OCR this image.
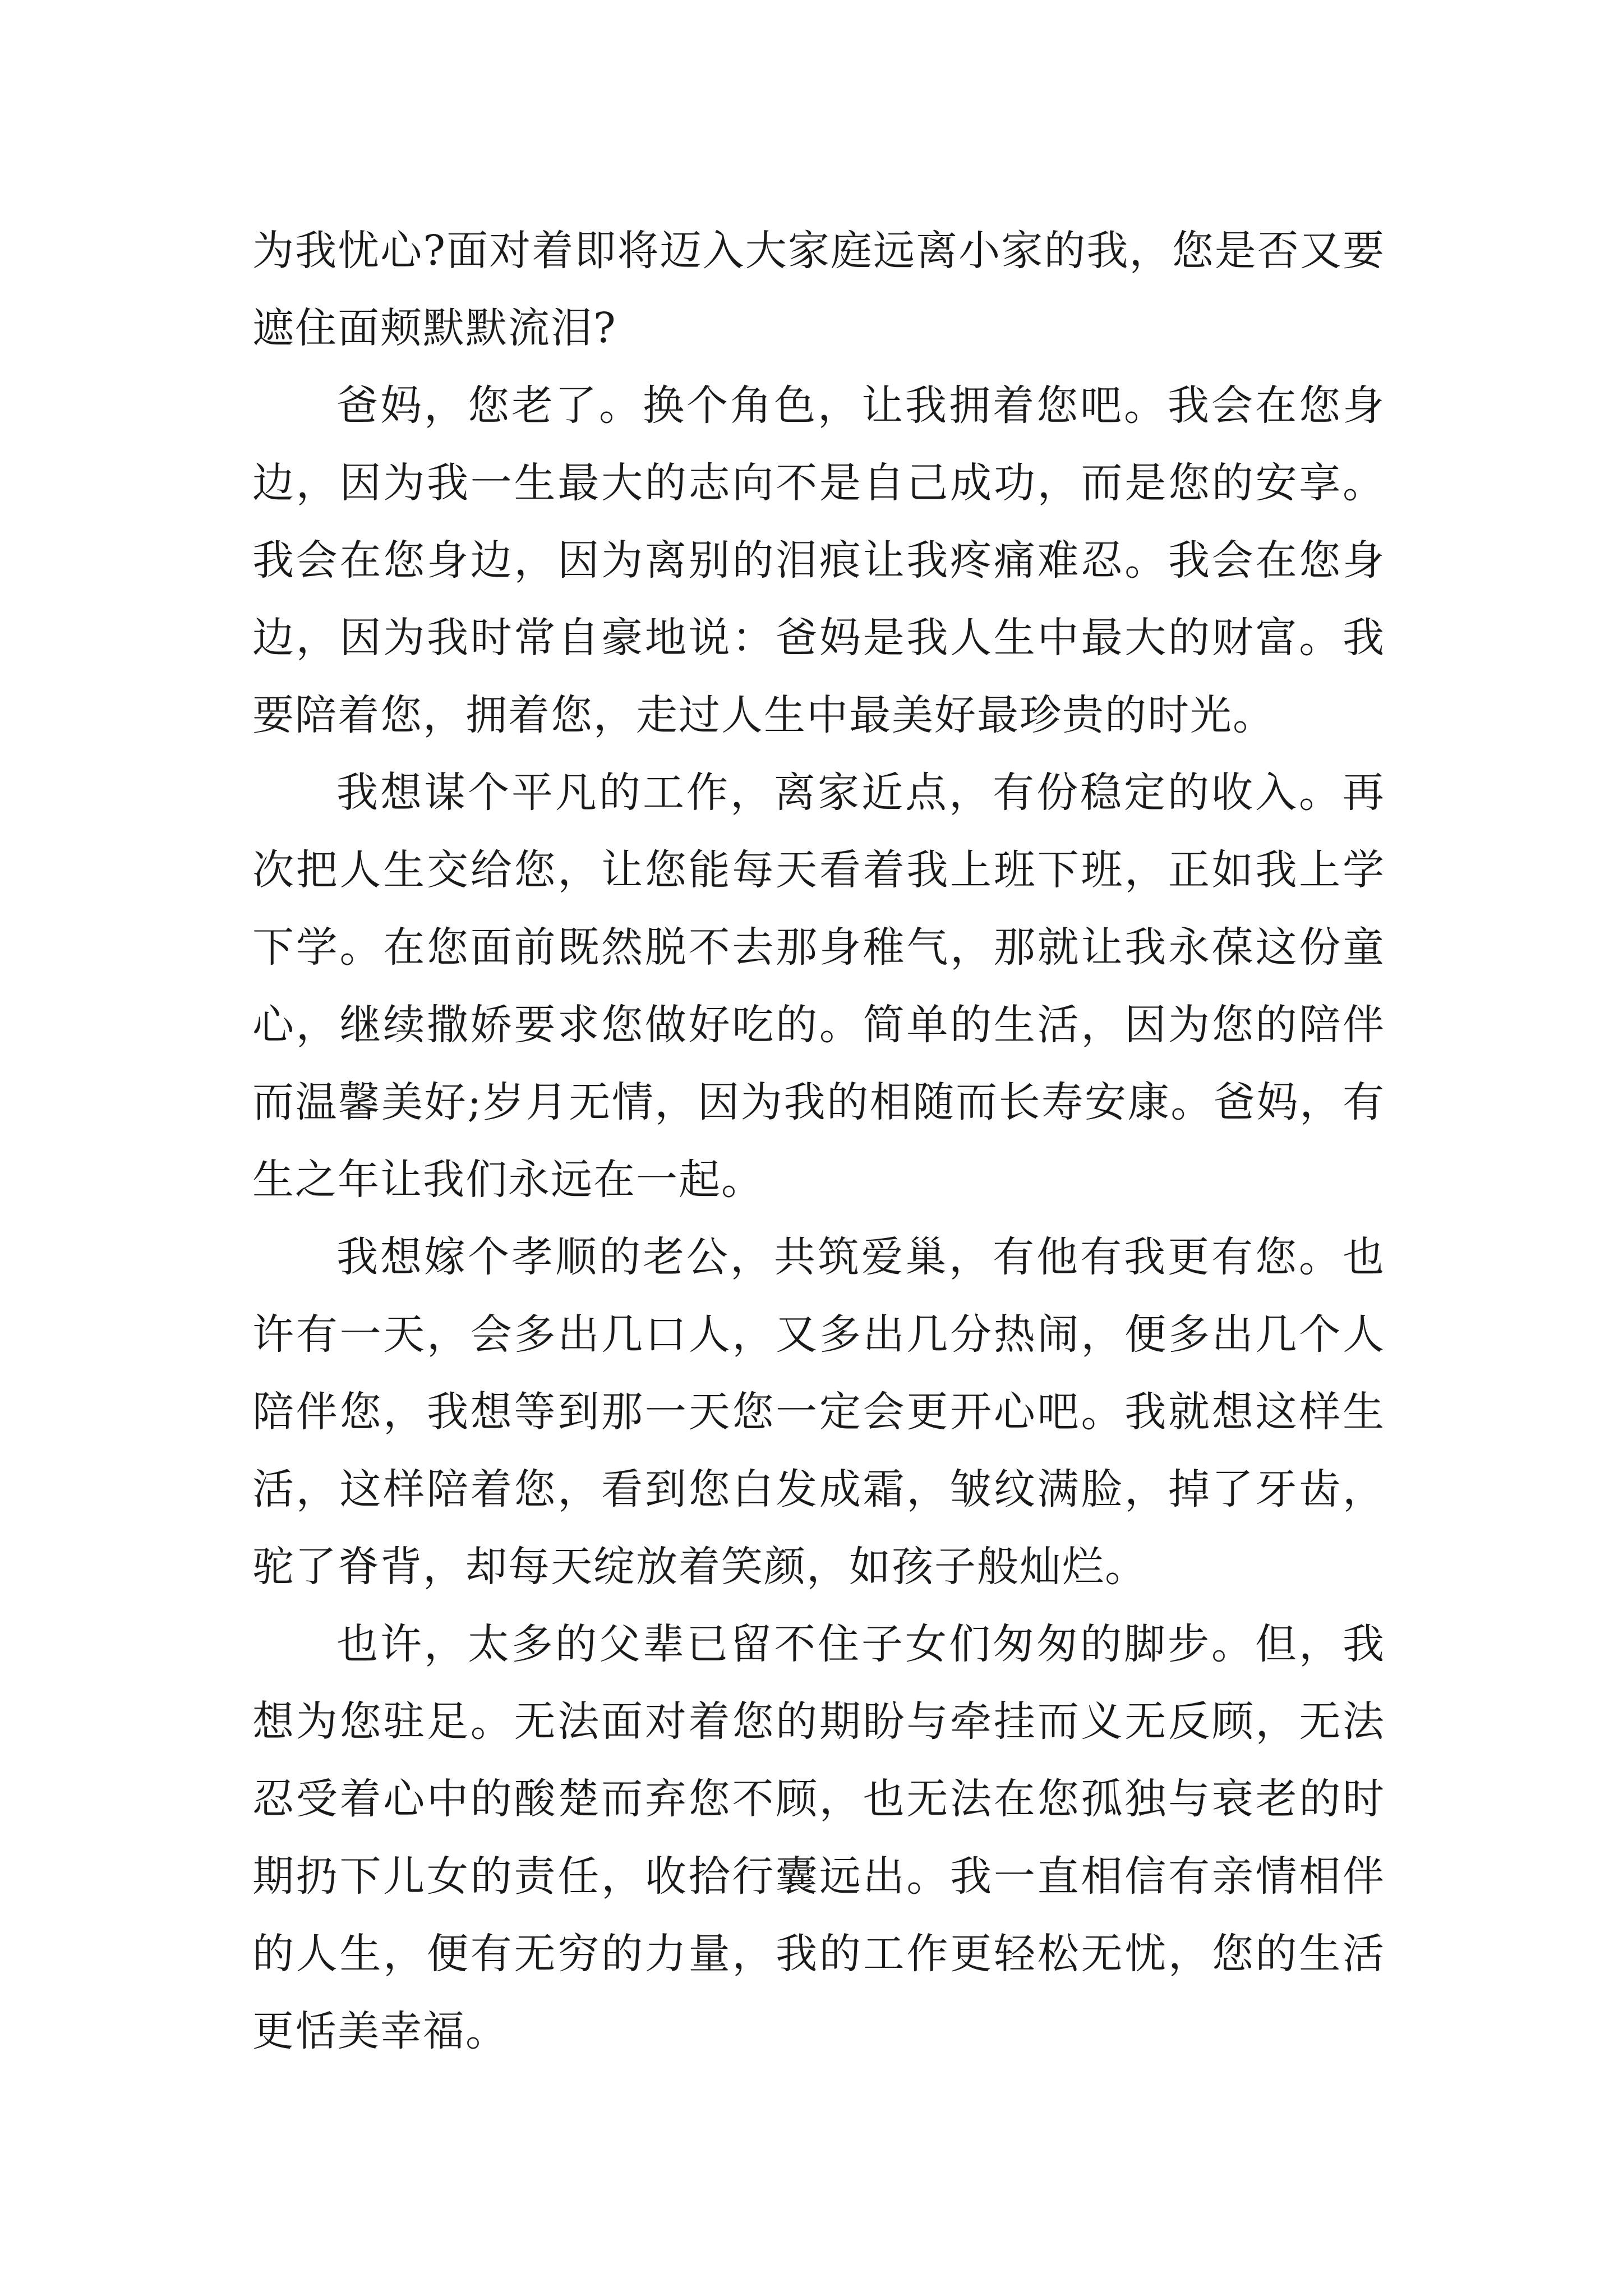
为我忧心?面对着即将迈入大家庭远离小家的我，您是否又要遮住面颊默默流泪?

爸妈，您老了。换个角色，让我拥着您吧。我会在您身边，因为我一生最大的志向不是自己成功，而是您的安享。我会在您身边，因为离别的泪痕让我疼痛难忍。我会在您身边，因为我时常自豪地说：爸妈是我人生中最大的财富。我要陪着您，拥着您，走过人生中最美好最珍贵的时光。

我想谋个平凡的工作，离家近点，有份稳定的收入。再次把人生交给您，让您能每天看着我上班下班，正如我上学下学。在您面前既然脱不去那身稚气，那就让我永葆这份童心，继续撒娇要求您做好吃的。简单的生活，因为您的陪伴而温馨美好;岁月无情，因为我的相随而长寿安康。爸妈，有生之年让我们永远在一起。

我想嫁个孝顺的老公，共筑爱巢，有他有我更有您。也许有一天，会多出几口人，又多出几分热闹，便多出几个人陪伴您，我想等到那一天您一定会更开心吧。我就想这样生活，这样陪着您，看到您白发成霜，皱纹满脸，掉了牙齿，驼了脊背，却每天绽放着笑颜，如孩子般灿烂。

也许，太多的父辈已留不住子女们匆匆的脚步。但，我想为您驻足。无法面对着您的期盼与牵挂而义无反顾，无法忍受着心中的酸楚而弃您不顾，也无法在您孤独与衰老的时期扔下儿女的责任，收拾行囊远出。我一直相信有亲情相伴的人生，便有无穷的力量，我的工作更轻松无忧，您的生活更恬美幸福。
